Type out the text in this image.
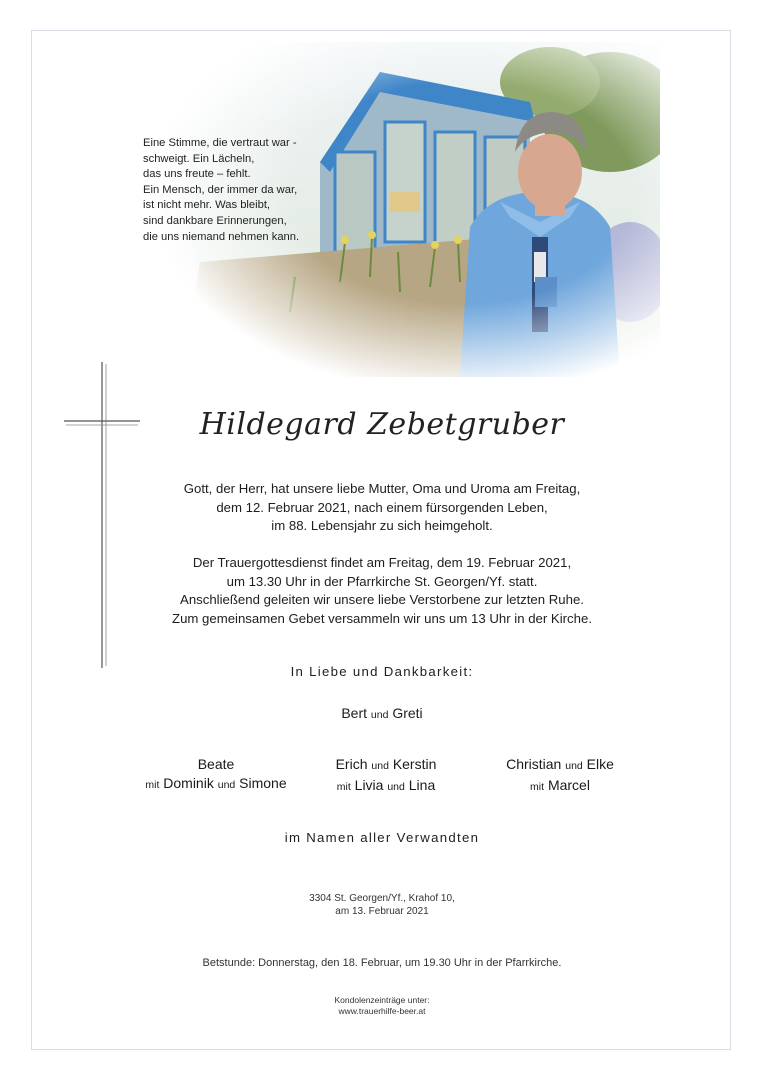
Eine Stimme, die vertraut war -
schweigt. Ein Lächeln,
das uns freute – fehlt.
Ein Mensch, der immer da war,
ist nicht mehr. Was bleibt,
sind dankbare Erinnerungen,
die uns niemand nehmen kann.
Hildegard Zebetgruber
Gott, der Herr, hat unsere liebe Mutter, Oma und Uroma am Freitag,
dem 12. Februar 2021, nach einem fürsorgenden Leben,
im 88. Lebensjahr zu sich heimgeholt.
Der Trauergottesdienst findet am Freitag, dem 19. Februar 2021,
um 13.30 Uhr in der Pfarrkirche St. Georgen/Yf. statt.
Anschließend geleiten wir unsere liebe Verstorbene zur letzten Ruhe.
Zum gemeinsamen Gebet versammeln wir uns um 13 Uhr in der Kirche.
In Liebe und Dankbarkeit:
Bert und Greti
Beate
mit Dominik und Simone
Erich und Kerstin
mit Livia und Lina
Christian und Elke
mit Marcel
im Namen aller Verwandten
3304 St. Georgen/Yf., Krahof 10,
am 13. Februar 2021
Betstunde: Donnerstag, den 18. Februar, um 19.30 Uhr in der Pfarrkirche.
Kondolenzeinträge unter:
www.trauerhilfe-beer.at
